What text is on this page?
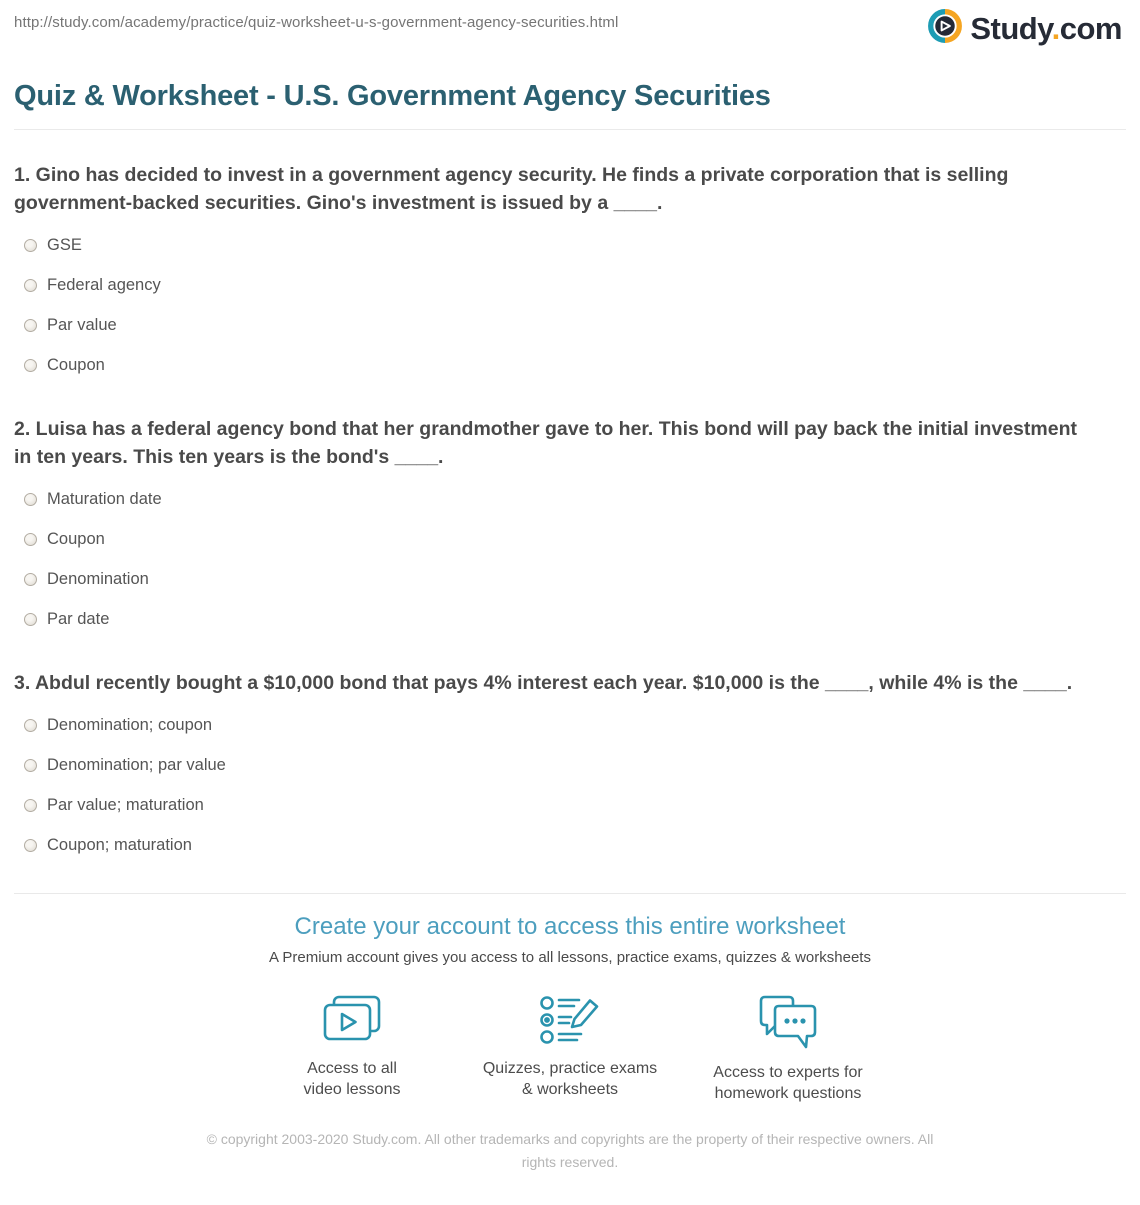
http://study.com/academy/practice/quiz-worksheet-u-s-government-agency-securities.html	Study.com
Quiz & Worksheet - U.S. Government Agency Securities

1. Gino has decided to invest in a government agency security. He finds a private corporation that is selling government-backed securities. Gino's investment is issued by a ____.

GSE
Federal agency
Par value
Coupon

2. Luisa has a federal agency bond that her grandmother gave to her. This bond will pay back the initial investment in ten years. This ten years is the bond's ____.

Maturation date
Coupon
Denomination
Par date

3. Abdul recently bought a $10,000 bond that pays 4% interest each year. $10,000 is the ____, while 4% is the ____.

Denomination; coupon
Denomination; par value
Par value; maturation
Coupon; maturation
Create your account to access this entire worksheet

A Premium account gives you access to all lessons, practice exams, quizzes & worksheets

Access to all
video lessons
Quizzes, practice exams
& worksheets
Access to experts for
homework questions
© copyright 2003-2020 Study.com. All other trademarks and copyrights are the property of their respective owners. All rights reserved.
